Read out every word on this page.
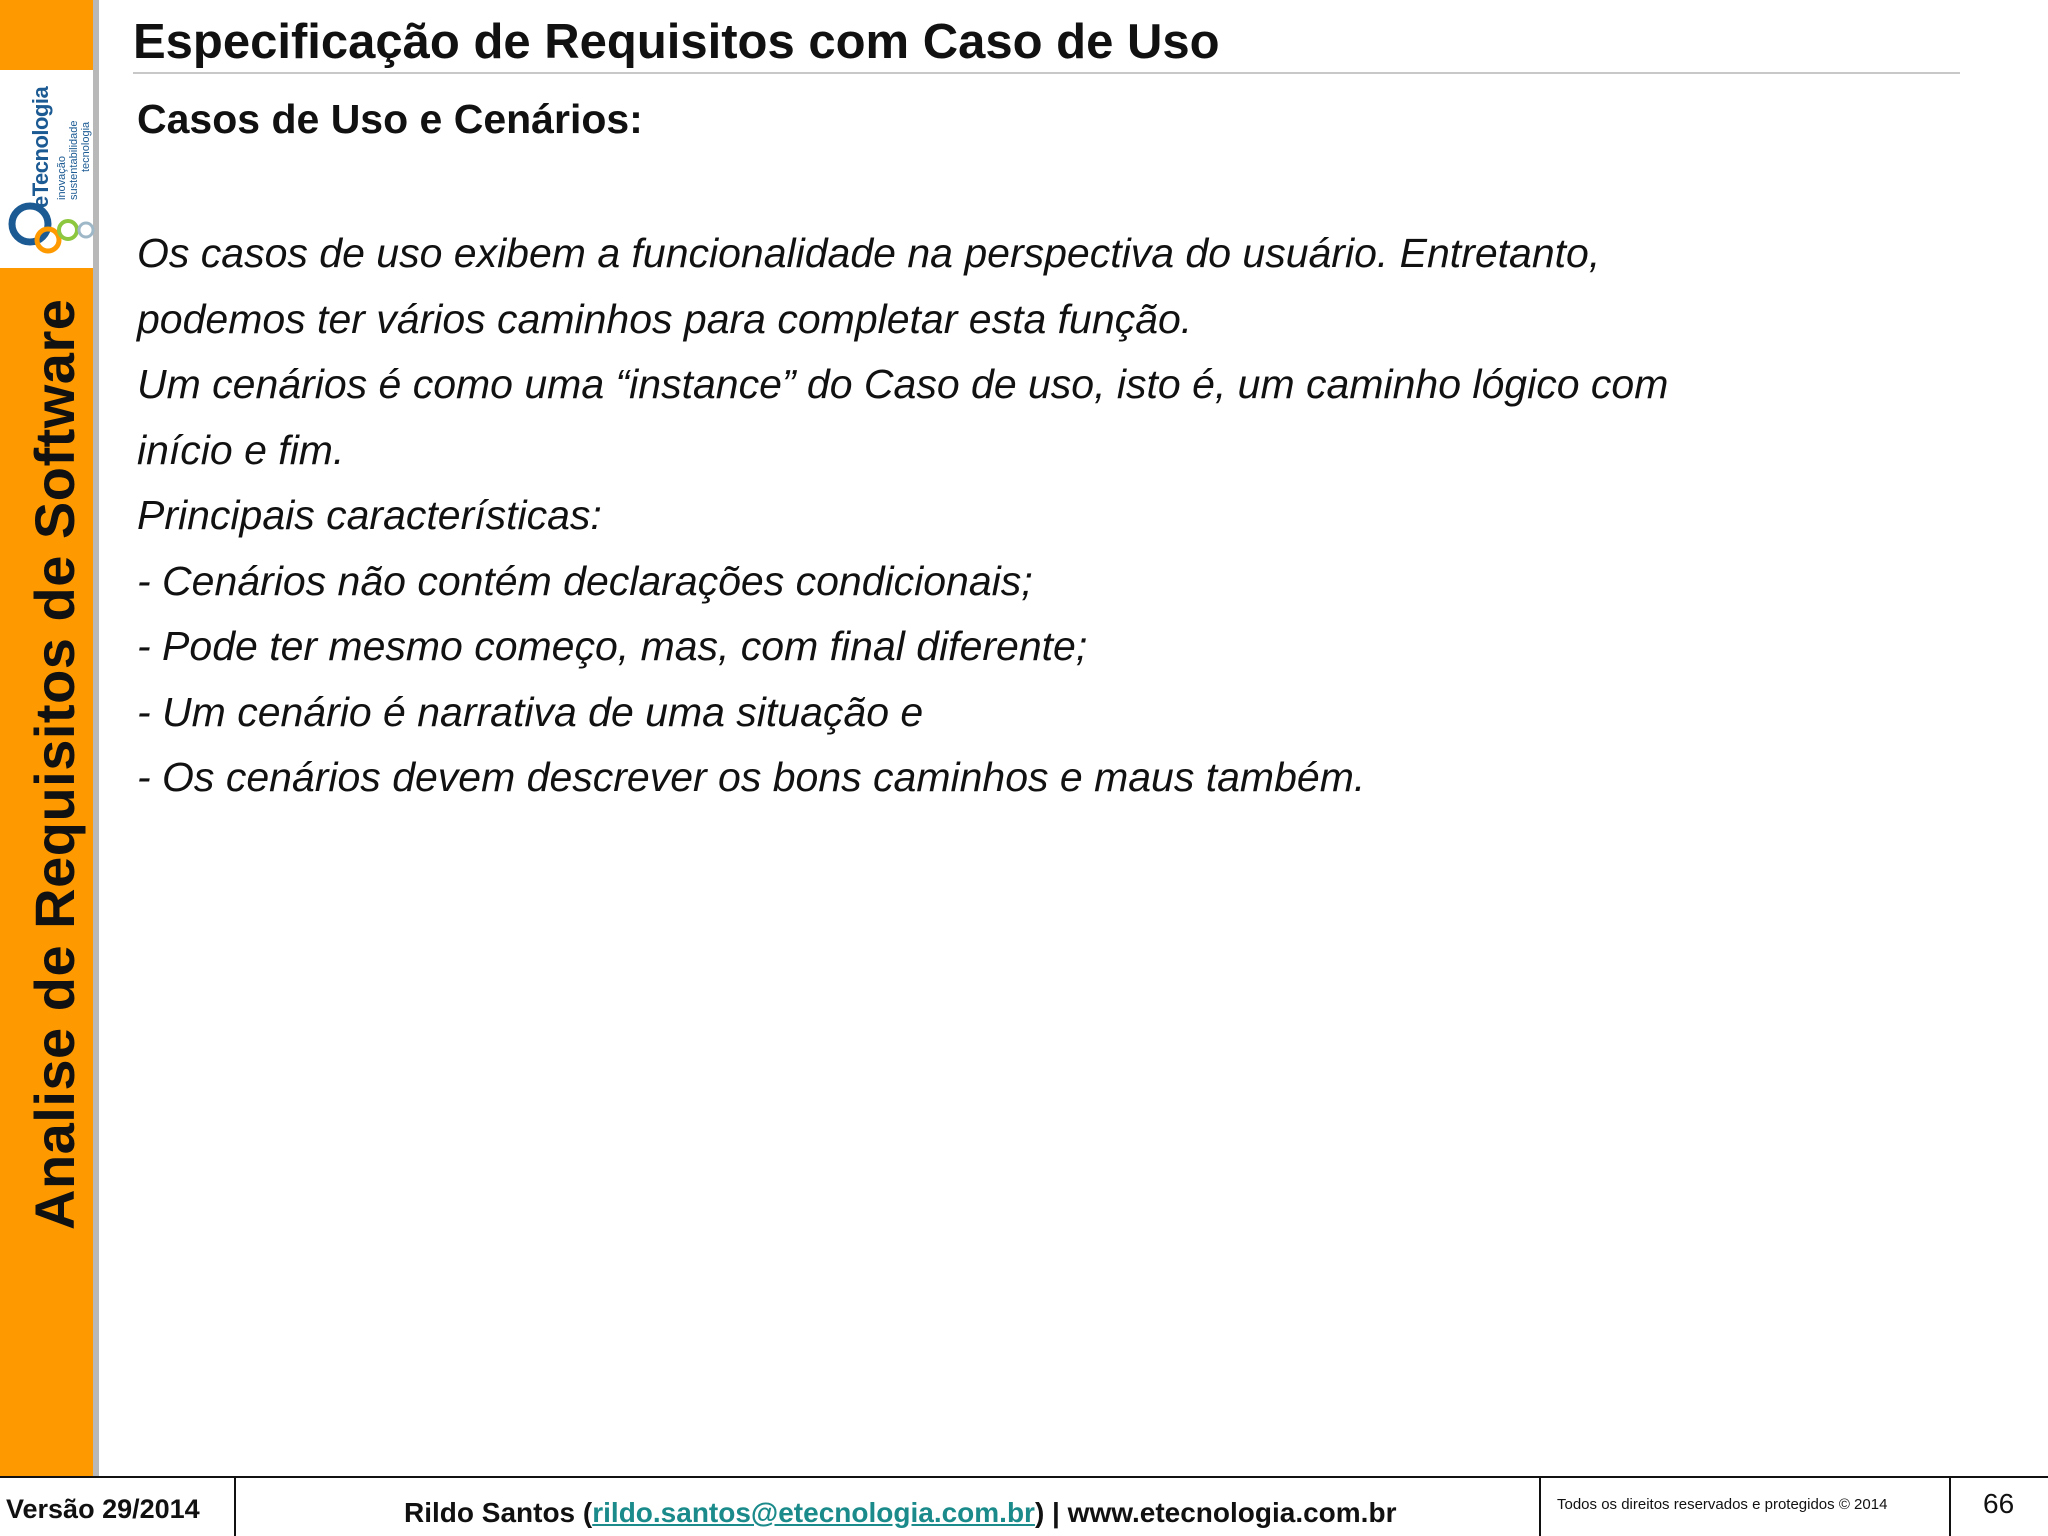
eTecnologia inovação sustentabilidade tecnologia
Analise de Requisitos de Software
Especificação de Requisitos com Caso de Uso
Casos de Uso e Cenários:
Os casos de uso exibem a funcionalidade na perspectiva do usuário. Entretanto,
podemos ter vários caminhos para completar esta função.
Um cenários é como uma “instance” do Caso de uso, isto é, um caminho lógico com
início e fim.
Principais características:
- Cenários não contém declarações condicionais;
- Pode ter mesmo começo, mas, com final diferente;
- Um cenário é narrativa de uma situação e
- Os cenários devem descrever os bons caminhos e maus também.
Versão 29/2014	Rildo Santos (rildo.santos@etecnologia.com.br) | www.etecnologia.com.br	Todos os direitos reservados e protegidos © 2014	66
